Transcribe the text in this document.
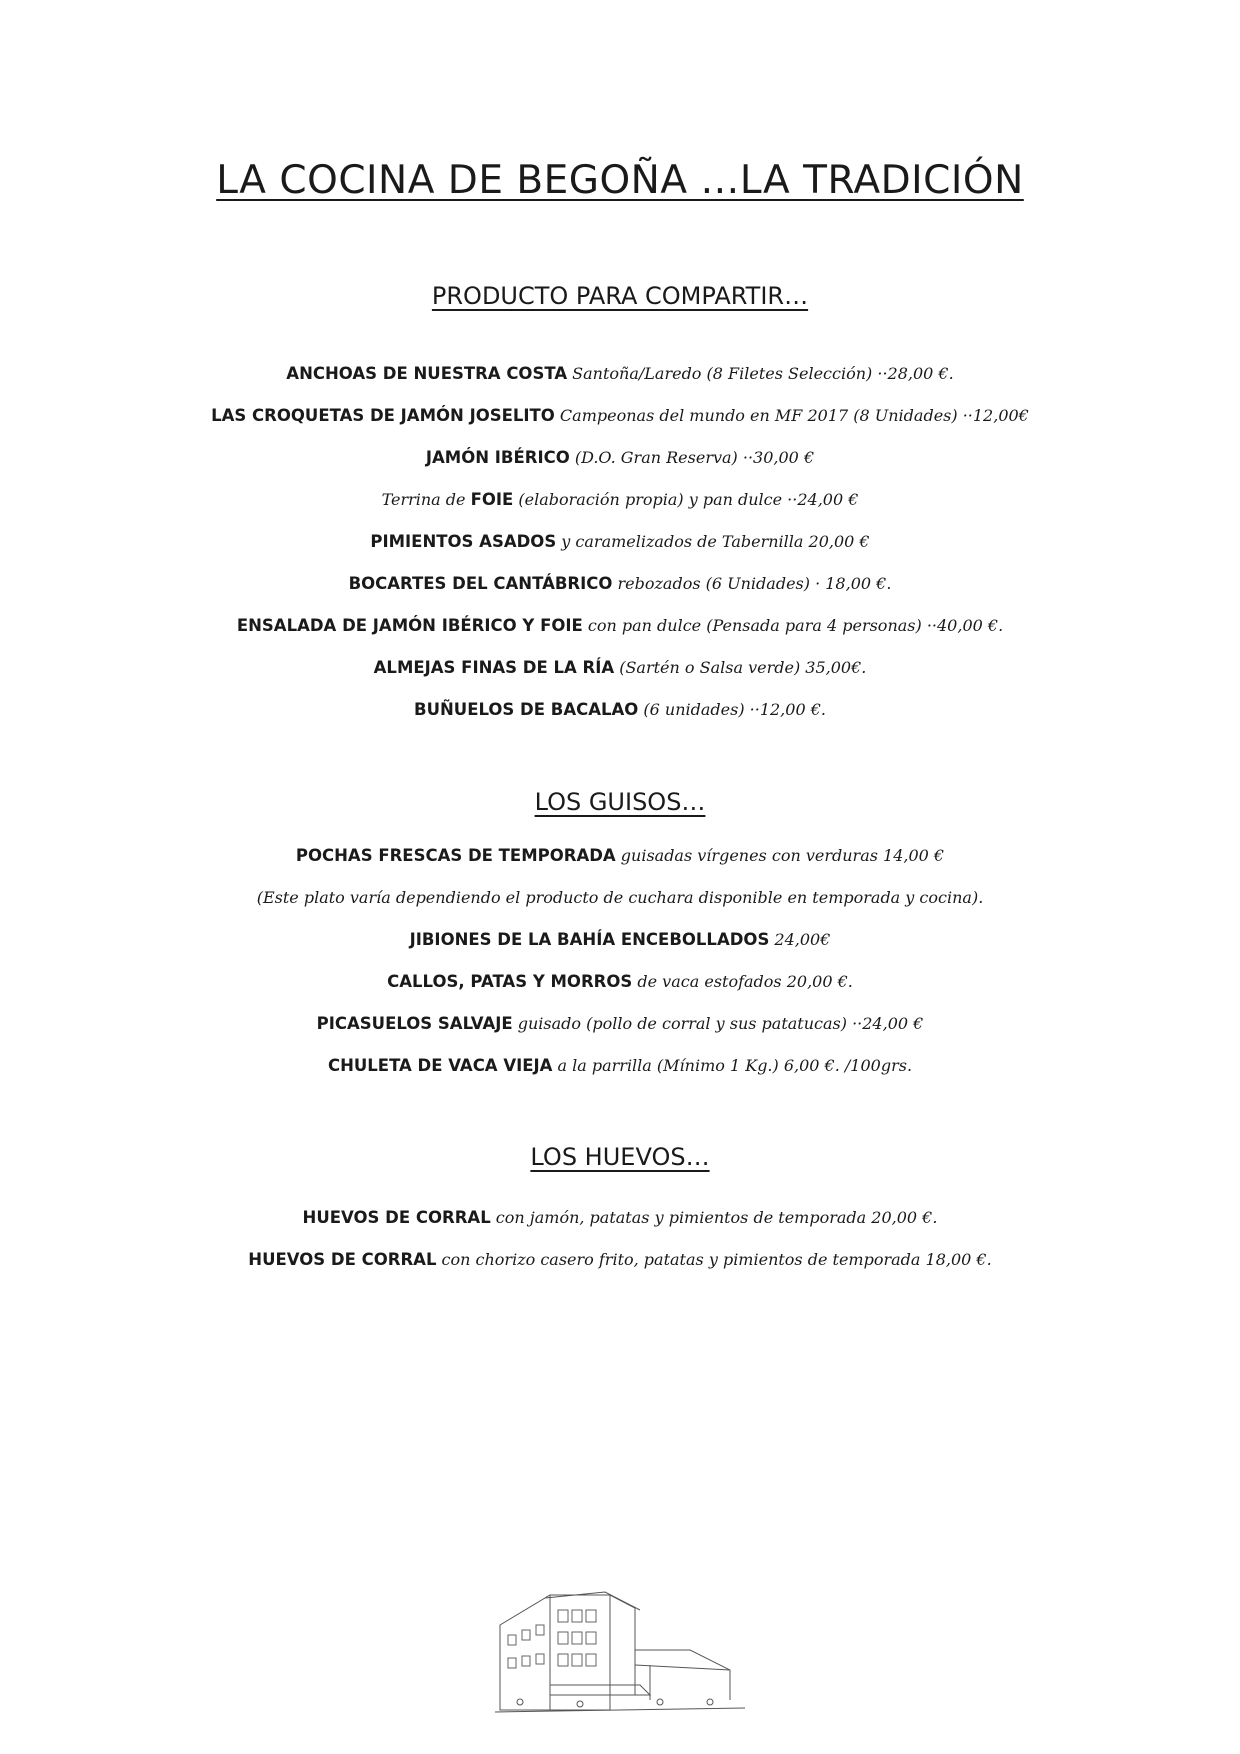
LA COCINA DE BEGOÑA …LA TRADICIÓN
PRODUCTO PARA COMPARTIR…
ANCHOAS DE NUESTRA COSTA Santoña/Laredo (8 Filetes Selección) ··28,00 €.
LAS CROQUETAS DE JAMÓN JOSELITO Campeonas del mundo en MF 2017 (8 Unidades) ··12,00€
JAMÓN IBÉRICO (D.O. Gran Reserva) ··30,00 €
Terrina de FOIE (elaboración propia) y pan dulce ··24,00 €
PIMIENTOS ASADOS y caramelizados de Tabernilla 20,00 €
BOCARTES DEL CANTÁBRICO rebozados (6 Unidades) · 18,00 €.
ENSALADA DE JAMÓN IBÉRICO Y FOIE con pan dulce (Pensada para 4 personas) ··40,00 €.
ALMEJAS FINAS DE LA RÍA (Sartén o Salsa verde) 35,00€.
BUÑUELOS DE BACALAO (6 unidades) ··12,00 €.
LOS GUISOS…
POCHAS FRESCAS DE TEMPORADA guisadas vírgenes con verduras 14,00 €
(Este plato varía dependiendo el producto de cuchara disponible en temporada y cocina).
JIBIONES DE LA BAHÍA ENCEBOLLADOS 24,00€
CALLOS, PATAS Y MORROS de vaca estofados 20,00 €.
PICASUELOS SALVAJE guisado (pollo de corral y sus patatucas) ··24,00 €
CHULETA DE VACA VIEJA a la parrilla (Mínimo 1 Kg.) 6,00 €. /100grs.
LOS HUEVOS…
HUEVOS DE CORRAL con jamón, patatas y pimientos de temporada 20,00 €.
HUEVOS DE CORRAL con chorizo casero frito, patatas y pimientos de temporada 18,00 €.
